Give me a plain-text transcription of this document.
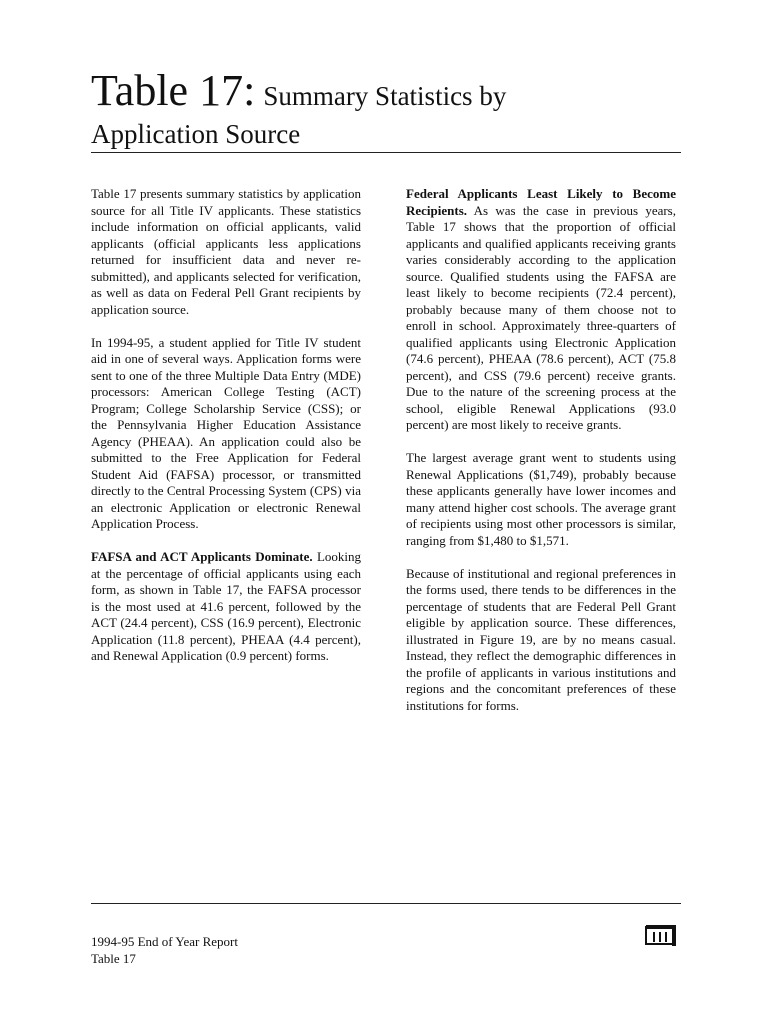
Table 17: Summary Statistics by
Application Source

Table 17 presents summary statistics by application source for all Title IV applicants. These statistics include information on official applicants, valid applicants (official applicants less applications returned for insufficient data and never re-submitted), and applicants selected for verification, as well as data on Federal Pell Grant recipients by application source.

In 1994-95, a student applied for Title IV student aid in one of several ways. Application forms were sent to one of the three Multiple Data Entry (MDE) processors: American College Testing (ACT) Program; College Scholarship Service (CSS); or the Pennsylvania Higher Education Assistance Agency (PHEAA). An application could also be submitted to the Free Application for Federal Student Aid (FAFSA) processor, or transmitted directly to the Central Processing System (CPS) via an electronic Application or electronic Renewal Application Process.

FAFSA and ACT Applicants Dominate. Looking at the percentage of official applicants using each form, as shown in Table 17, the FAFSA processor is the most used at 41.6 percent, followed by the ACT (24.4 percent), CSS (16.9 percent), Electronic Application (11.8 percent), PHEAA (4.4 percent), and Renewal Application (0.9 percent) forms.

Federal Applicants Least Likely to Become Recipients. As was the case in previous years, Table 17 shows that the proportion of official applicants and qualified applicants receiving grants varies considerably according to the application source. Qualified students using the FAFSA are least likely to become recipients (72.4 percent), probably because many of them choose not to enroll in school. Approximately three-quarters of qualified applicants using Electronic Application (74.6 percent), PHEAA (78.6 percent), ACT (75.8 percent), and CSS (79.6 percent) receive grants. Due to the nature of the screening process at the school, eligible Renewal Applications (93.0 percent) are most likely to receive grants.

The largest average grant went to students using Renewal Applications ($1,749), probably because these applicants generally have lower incomes and many attend higher cost schools. The average grant of recipients using most other processors is similar, ranging from $1,480 to $1,571.

Because of institutional and regional preferences in the forms used, there tends to be differences in the percentage of students that are Federal Pell Grant eligible by application source. These differences, illustrated in Figure 19, are by no means casual. Instead, they reflect the demographic differences in the profile of applicants in various institutions and regions and the concomitant preferences of these institutions for forms.

1994-95 End of Year Report
Table 17
